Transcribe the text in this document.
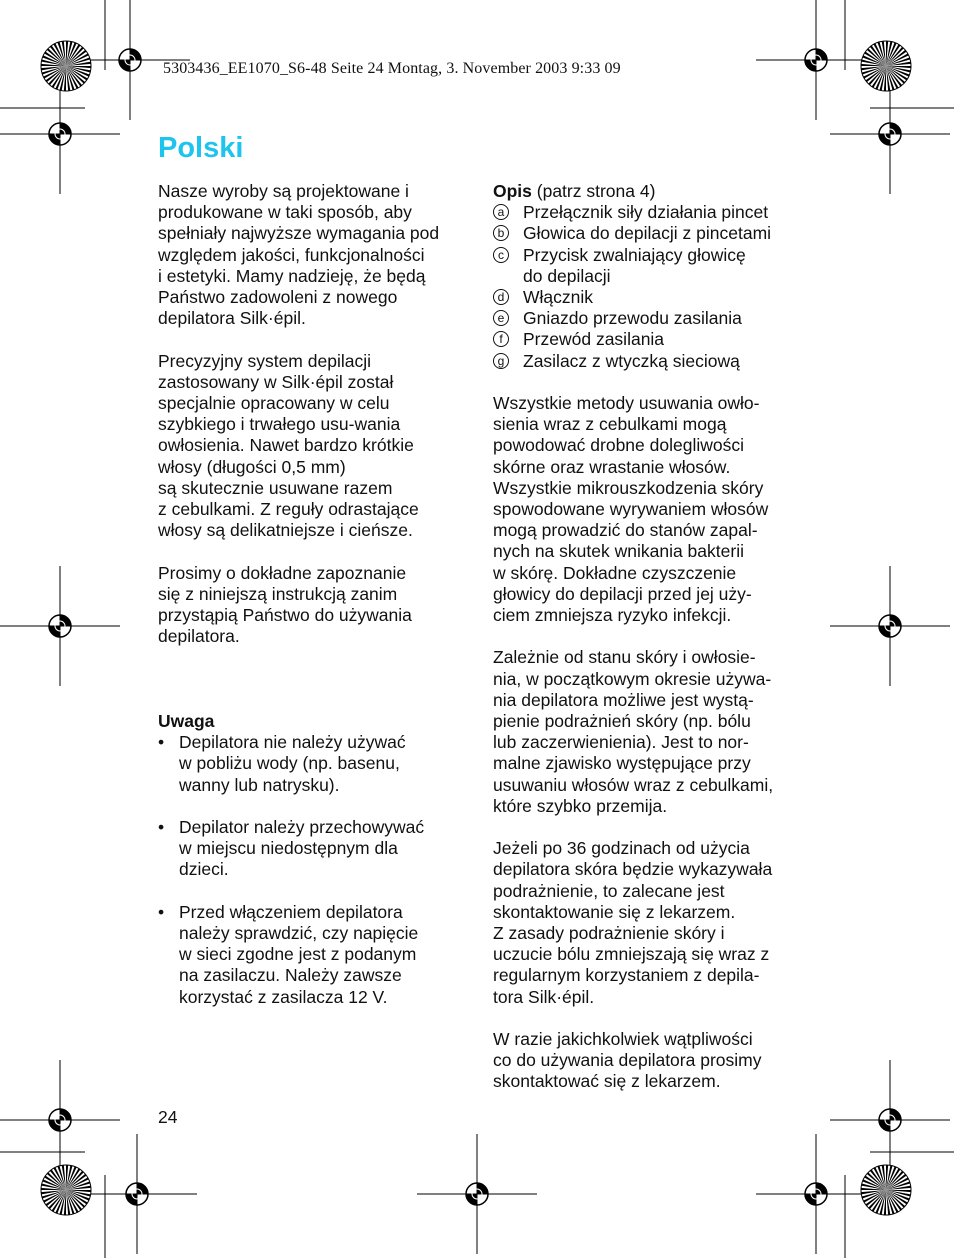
5303436_EE1070_S6-48 Seite 24 Montag, 3. November 2003 9:33 09
Polski
Nasze wyroby są projektowane i
produkowane w taki sposób, aby
spełniały najwyższe wymagania pod
względem jakości, funkcjonalności
i estetyki. Mamy nadzieję, że będą
Państwo zadowoleni z nowego
depilatora Silk·épil.
Precyzyjny system depilacji
zastosowany w Silk·épil został
specjalnie opracowany w celu
szybkiego i trwałego usu-wania
owłosienia. Nawet bardzo krótkie
włosy (długości 0,5 mm)
są skutecznie usuwane razem
z cebulkami. Z reguły odrastające
włosy są delikatniejsze i cieńsze.
Prosimy o dokładne zapoznanie
się z niniejszą instrukcją zanim
przystąpią Państwo do używania
depilatora.
Uwaga
• Depilatora nie należy używać
w pobliżu wody (np. basenu,
wanny lub natrysku).
• Depilator należy przechowywać
w miejscu niedostępnym dla
dzieci.
• Przed włączeniem depilatora
należy sprawdzić, czy napięcie
w sieci zgodne jest z podanym
na zasilaczu. Należy zawsze
korzystać z zasilacza 12 V.
Opis (patrz strona 4)
a Przełącznik siły działania pincet
b Głowica do depilacji z pincetami
c Przycisk zwalniający głowicę
do depilacji
d Włącznik
e Gniazdo przewodu zasilania
f	Przewód zasilania
g Zasilacz z wtyczką sieciową
Wszystkie metody usuwania owło-
sienia wraz z cebulkami mogą
powodować drobne dolegliwości
skórne oraz wrastanie włosów.
Wszystkie mikrouszkodzenia skóry
spowodowane wyrywaniem włosów
mogą prowadzić do stanów zapal-
nych na skutek wnikania bakterii
w skórę. Dokładne czyszczenie
głowicy do depilacji przed jej uży-
ciem zmniejsza ryzyko infekcji.
Zależnie od stanu skóry i owłosie-
nia, w początkowym okresie używa-
nia depilatora możliwe jest wystą-
pienie podrażnień skóry (np. bólu
lub zaczerwienienia). Jest to nor-
malne zjawisko występujące przy
usuwaniu włosów wraz z cebulkami,
które szybko przemija.
Jeżeli po 36 godzinach od użycia
depilatora skóra będzie wykazywała
podrażnienie, to zalecane jest
skontaktowanie się z lekarzem.
Z zasady podrażnienie skóry i
uczucie bólu zmniejszają się wraz z
regularnym korzystaniem z depila-
tora Silk·épil.
W razie jakichkolwiek wątpliwości
co do używania depilatora prosimy
skontaktować się z lekarzem.
24
